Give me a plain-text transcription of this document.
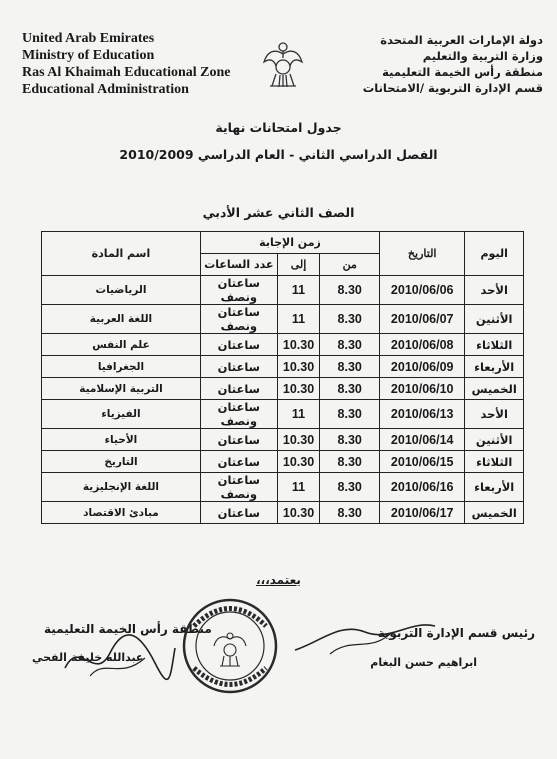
United Arab Emirates
Ministry of Education
Ras Al Khaimah Educational Zone
Educational Administration
دولة الإمارات العربية المتحدة
وزارة التربية والتعليم
منطقة رأس الخيمة التعليمية
قسم الإدارة التربوية /الامتحانات
جدول امتحانات نهاية
الفصل الدراسي الثاني - العام الدراسي 2010/2009
الصف الثاني عشر الأدبي
اليوم	التاريخ	زمن الإجابة			اسم المادة
		من	إلى	عدد الساعات	
الأحد	2010/06/06	8.30	11	ساعتان ونصف	الرياضيات
الأثنين	2010/06/07	8.30	11	ساعتان ونصف	اللغة العربية
الثلاثاء	2010/06/08	8.30	10.30	ساعتان	علم النفس
الأربعاء	2010/06/09	8.30	10.30	ساعتان	الجغرافيا
الخميس	2010/06/10	8.30	10.30	ساعتان	التربية الإسلامية
الأحد	2010/06/13	8.30	11	ساعتان ونصف	الفيزياء
الأثنين	2010/06/14	8.30	10.30	ساعتان	الأحياء
الثلاثاء	2010/06/15	8.30	10.30	ساعتان	التاريخ
الأربعاء	2010/06/16	8.30	11	ساعتان ونصف	اللغة الإنجليزية
الخميس	2010/06/17	8.30	10.30	ساعتان	مبادئ الاقتصاد
يعتمد،،،
منطقة رأس الخيمة التعليمية
عبدالله خليفة الفحي
رئيس قسم الإدارة التربوية
ابراهيم حسن البغام
